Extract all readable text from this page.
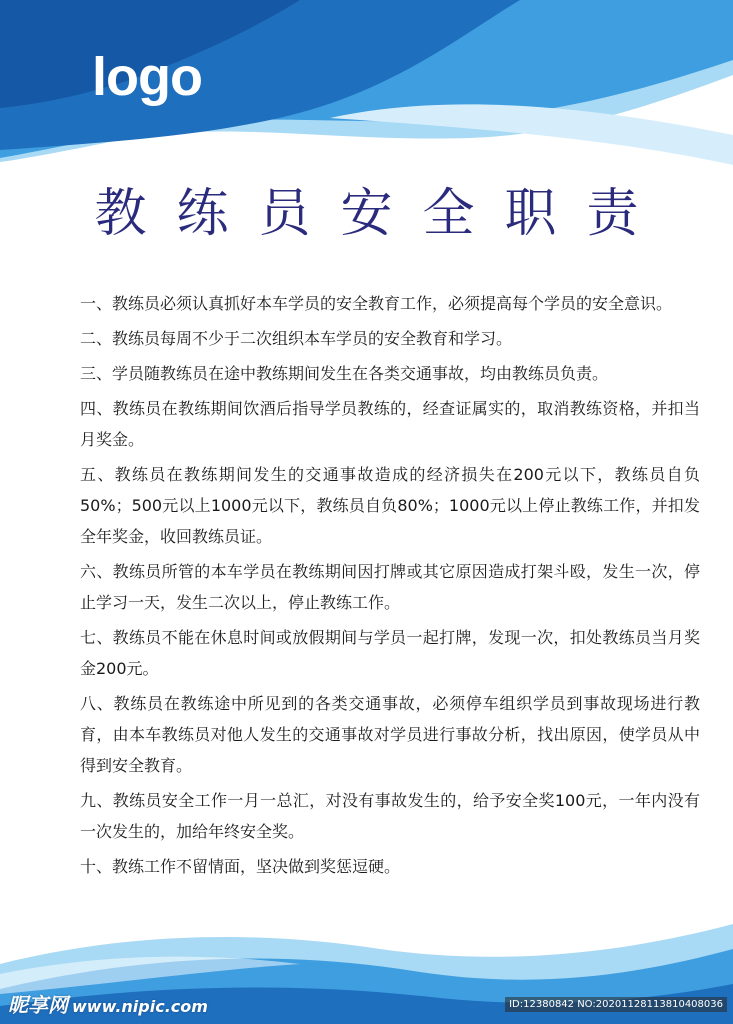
logo
教练员安全职责
一、教练员必须认真抓好本车学员的安全教育工作，必须提高每个学员的安全意识。
二、教练员每周不少于二次组织本车学员的安全教育和学习。
三、学员随教练员在途中教练期间发生在各类交通事故，均由教练员负责。
四、教练员在教练期间饮酒后指导学员教练的，经查证属实的，取消教练资格，并扣当月奖金。
五、教练员在教练期间发生的交通事故造成的经济损失在200元以下，教练员自负50%；500元以上1000元以下，教练员自负80%；1000元以上停止教练工作，并扣发全年奖金，收回教练员证。
六、教练员所管的本车学员在教练期间因打牌或其它原因造成打架斗殴，发生一次，停止学习一天，发生二次以上，停止教练工作。
七、教练员不能在休息时间或放假期间与学员一起打牌，发现一次，扣处教练员当月奖金200元。
八、教练员在教练途中所见到的各类交通事故，必须停车组织学员到事故现场进行教育，由本车教练员对他人发生的交通事故对学员进行事故分析，找出原因，使学员从中得到安全教育。
九、教练员安全工作一月一总汇，对没有事故发生的，给予安全奖100元，一年内没有一次发生的，加给年终安全奖。
十、教练工作不留情面，坚决做到奖惩逗硬。
昵享网 www.nipic.com	ID:12380842 NO:20201128113810408036
